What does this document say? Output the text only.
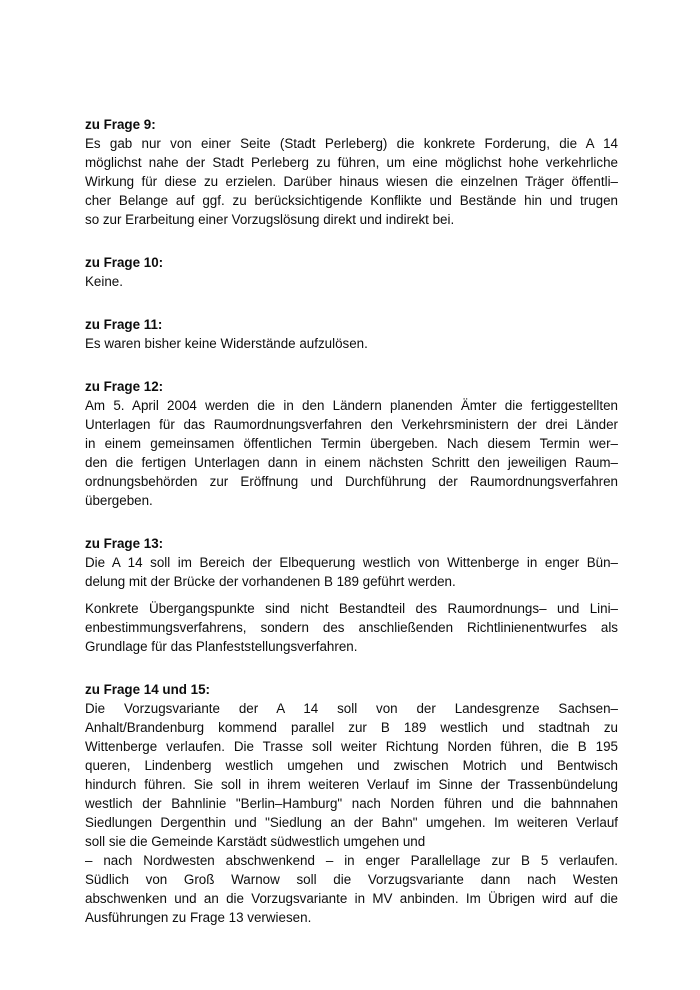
zu Frage 9:
Es gab nur von einer Seite (Stadt Perleberg) die konkrete Forderung, die A 14
möglichst nahe der Stadt Perleberg zu führen, um eine möglichst hohe verkehrliche
Wirkung für diese zu erzielen. Darüber hinaus wiesen die einzelnen Träger öffentli–
cher Belange auf ggf. zu berücksichtigende Konflikte und Bestände hin und trugen
so zur Erarbeitung einer Vorzugslösung direkt und indirekt bei.
zu Frage 10:
Keine.
zu Frage 11:
Es waren bisher keine Widerstände aufzulösen.
zu Frage 12:
Am 5. April 2004 werden die in den Ländern planenden Ämter die fertiggestellten
Unterlagen für das Raumordnungsverfahren den Verkehrsministern der drei Länder
in einem gemeinsamen öffentlichen Termin übergeben. Nach diesem Termin wer–
den die fertigen Unterlagen dann in einem nächsten Schritt den jeweiligen Raum–
ordnungsbehörden zur Eröffnung und Durchführung der Raumordnungsverfahren
übergeben.
zu Frage 13:
Die A 14 soll im Bereich der Elbequerung westlich von Wittenberge in enger Bün–
delung mit der Brücke der vorhandenen B 189 geführt werden.
Konkrete Übergangspunkte sind nicht Bestandteil des Raumordnungs– und Lini–
enbestimmungsverfahrens, sondern des anschließenden Richtlinienentwurfes als
Grundlage für das Planfeststellungsverfahren.
zu Frage 14 und 15:
Die Vorzugsvariante der A 14 soll von der Landesgrenze Sachsen–
Anhalt/Brandenburg kommend parallel zur B 189 westlich und stadtnah zu
Wittenberge verlaufen. Die Trasse soll weiter Richtung Norden führen, die B 195
queren, Lindenberg westlich umgehen und zwischen Motrich und Bentwisch
hindurch führen. Sie soll in ihrem weiteren Verlauf im Sinne der Trassenbündelung
westlich der Bahnlinie "Berlin–Hamburg" nach Norden führen und die bahnnahen
Siedlungen Dergenthin und "Siedlung an der Bahn" umgehen. Im weiteren Verlauf
soll sie die Gemeinde Karstädt südwestlich umgehen und
– nach Nordwesten abschwenkend – in enger Parallellage zur B 5 verlaufen.
Südlich von Groß Warnow soll die Vorzugsvariante dann nach Westen
abschwenken und an die Vorzugsvariante in MV anbinden. Im Übrigen wird auf die
Ausführungen zu Frage 13 verwiesen.
